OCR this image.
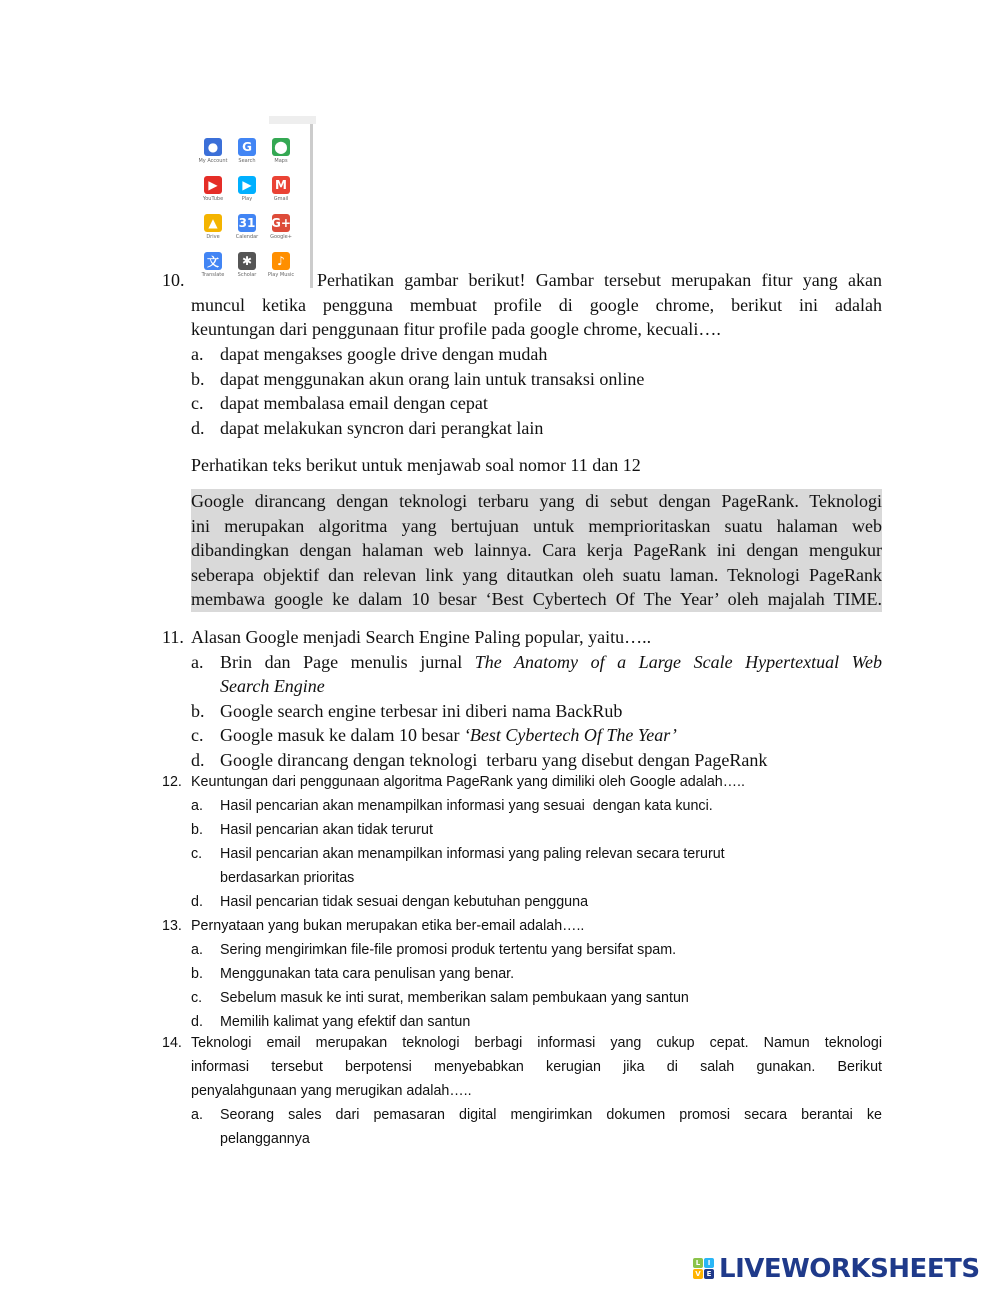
●
My Account
G
Search
⬤
Maps
▶
YouTube
▶
Play
M
Gmail
▲
Drive
31
Calendar
G+
Google+
文
Translate
✱
Scholar
♪
Play Music
10.	Perhatikan gambar berikut! Gambar tersebut merupakan fitur yang akan
muncul ketika pengguna membuat profile di google chrome, berikut ini adalah
keuntungan dari penggunaan fitur profile pada google chrome, kecuali….
a. dapat mengakses google drive dengan mudah
b. dapat menggunakan akun orang lain untuk transaksi online
c. dapat membalasa email dengan cepat
d. dapat melakukan syncron dari perangkat lain
Perhatikan teks berikut untuk menjawab soal nomor 11 dan 12
Google dirancang dengan teknologi terbaru yang di sebut dengan PageRank. Teknologi
ini merupakan algoritma yang bertujuan untuk memprioritaskan suatu halaman web
dibandingkan dengan halaman web lainnya. Cara kerja PageRank ini dengan mengukur
seberapa objektif dan relevan link yang ditautkan oleh suatu laman. Teknologi PageRank
membawa google ke dalam 10 besar ‘Best Cybertech Of The Year’ oleh majalah TIME.
11. Alasan Google menjadi Search Engine Paling popular, yaitu…..
a. Brin dan Page menulis jurnal The Anatomy of a Large Scale Hypertextual Web
Search Engine
b. Google search engine terbesar ini diberi nama BackRub
c. Google masuk ke dalam 10 besar ‘Best Cybertech Of The Year’
d. Google dirancang dengan teknologi  terbaru yang disebut dengan PageRank
12. Keuntungan dari penggunaan algoritma PageRank yang dimiliki oleh Google adalah…..
a. Hasil pencarian akan menampilkan informasi yang sesuai  dengan kata kunci.
b. Hasil pencarian akan tidak terurut
c. Hasil pencarian akan menampilkan informasi yang paling relevan secara terurut
berdasarkan prioritas
d. Hasil pencarian tidak sesuai dengan kebutuhan pengguna
13. Pernyataan yang bukan merupakan etika ber-email adalah…..
a. Sering mengirimkan file-file promosi produk tertentu yang bersifat spam.
b. Menggunakan tata cara penulisan yang benar.
c. Sebelum masuk ke inti surat, memberikan salam pembukaan yang santun
d. Memilih kalimat yang efektif dan santun
14. Teknologi email merupakan teknologi berbagi informasi yang cukup cepat. Namun teknologi
informasi tersebut berpotensi menyebabkan kerugian jika di salah gunakan. Berikut
penyalahgunaan yang merugikan adalah…..
a. Seorang sales dari pemasaran digital mengirimkan dokumen promosi secara berantai ke
pelanggannya
L	I
V E LIVEWORKSHEETS
